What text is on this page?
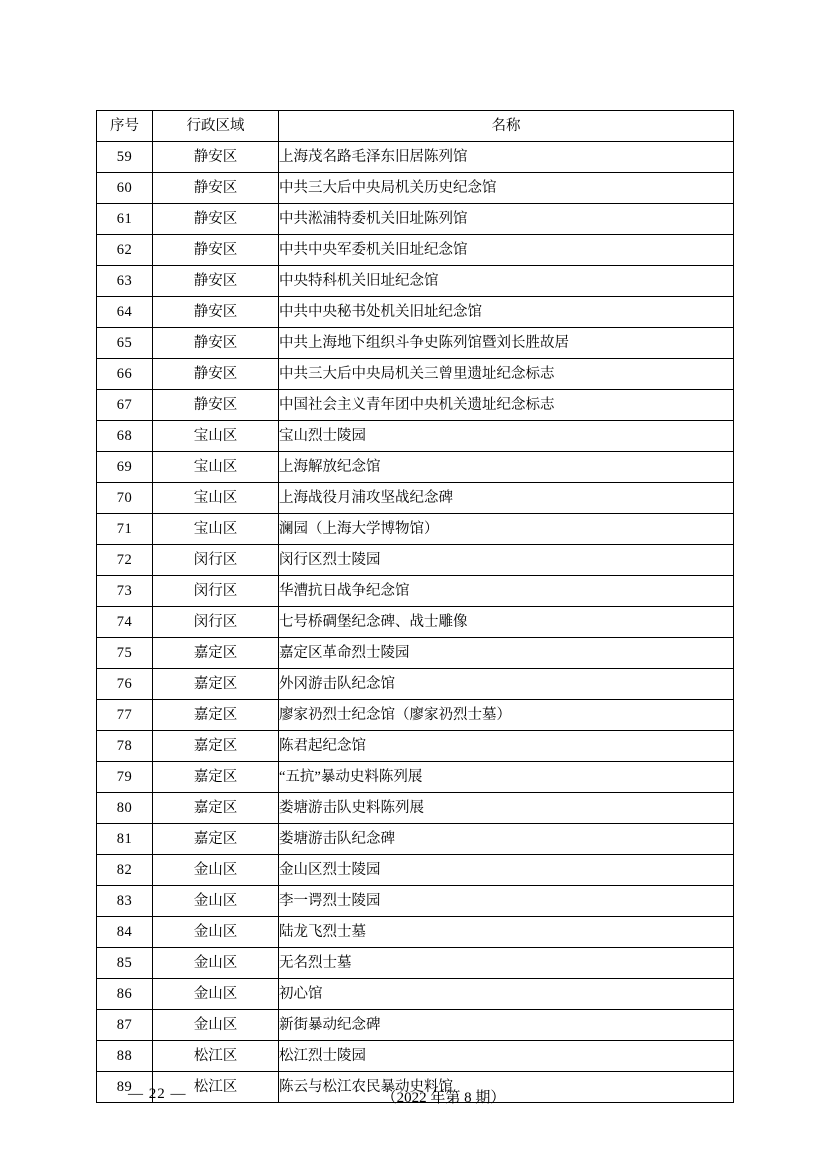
序号	行政区域	名称
59	静安区	上海茂名路毛泽东旧居陈列馆
60	静安区	中共三大后中央局机关历史纪念馆
61	静安区	中共淞浦特委机关旧址陈列馆
62	静安区	中共中央军委机关旧址纪念馆
63	静安区	中央特科机关旧址纪念馆
64	静安区	中共中央秘书处机关旧址纪念馆
65	静安区	中共上海地下组织斗争史陈列馆暨刘长胜故居
66	静安区	中共三大后中央局机关三曾里遗址纪念标志
67	静安区	中国社会主义青年团中央机关遗址纪念标志
68	宝山区	宝山烈士陵园
69	宝山区	上海解放纪念馆
70	宝山区	上海战役月浦攻坚战纪念碑
71	宝山区	澜园（上海大学博物馆）
72	闵行区	闵行区烈士陵园
73	闵行区	华漕抗日战争纪念馆
74	闵行区	七号桥碉堡纪念碑、战士雕像
75	嘉定区	嘉定区革命烈士陵园
76	嘉定区	外冈游击队纪念馆
77	嘉定区	廖家礽烈士纪念馆（廖家礽烈士墓）
78	嘉定区	陈君起纪念馆
79	嘉定区	“五抗”暴动史料陈列展
80	嘉定区	娄塘游击队史料陈列展
81	嘉定区	娄塘游击队纪念碑
82	金山区	金山区烈士陵园
83	金山区	李一谔烈士陵园
84	金山区	陆龙飞烈士墓
85	金山区	无名烈士墓
86	金山区	初心馆
87	金山区	新街暴动纪念碑
88	松江区	松江烈士陵园
89	松江区	陈云与松江农民暴动史料馆
— 22 —	（2022 年第 8 期）
